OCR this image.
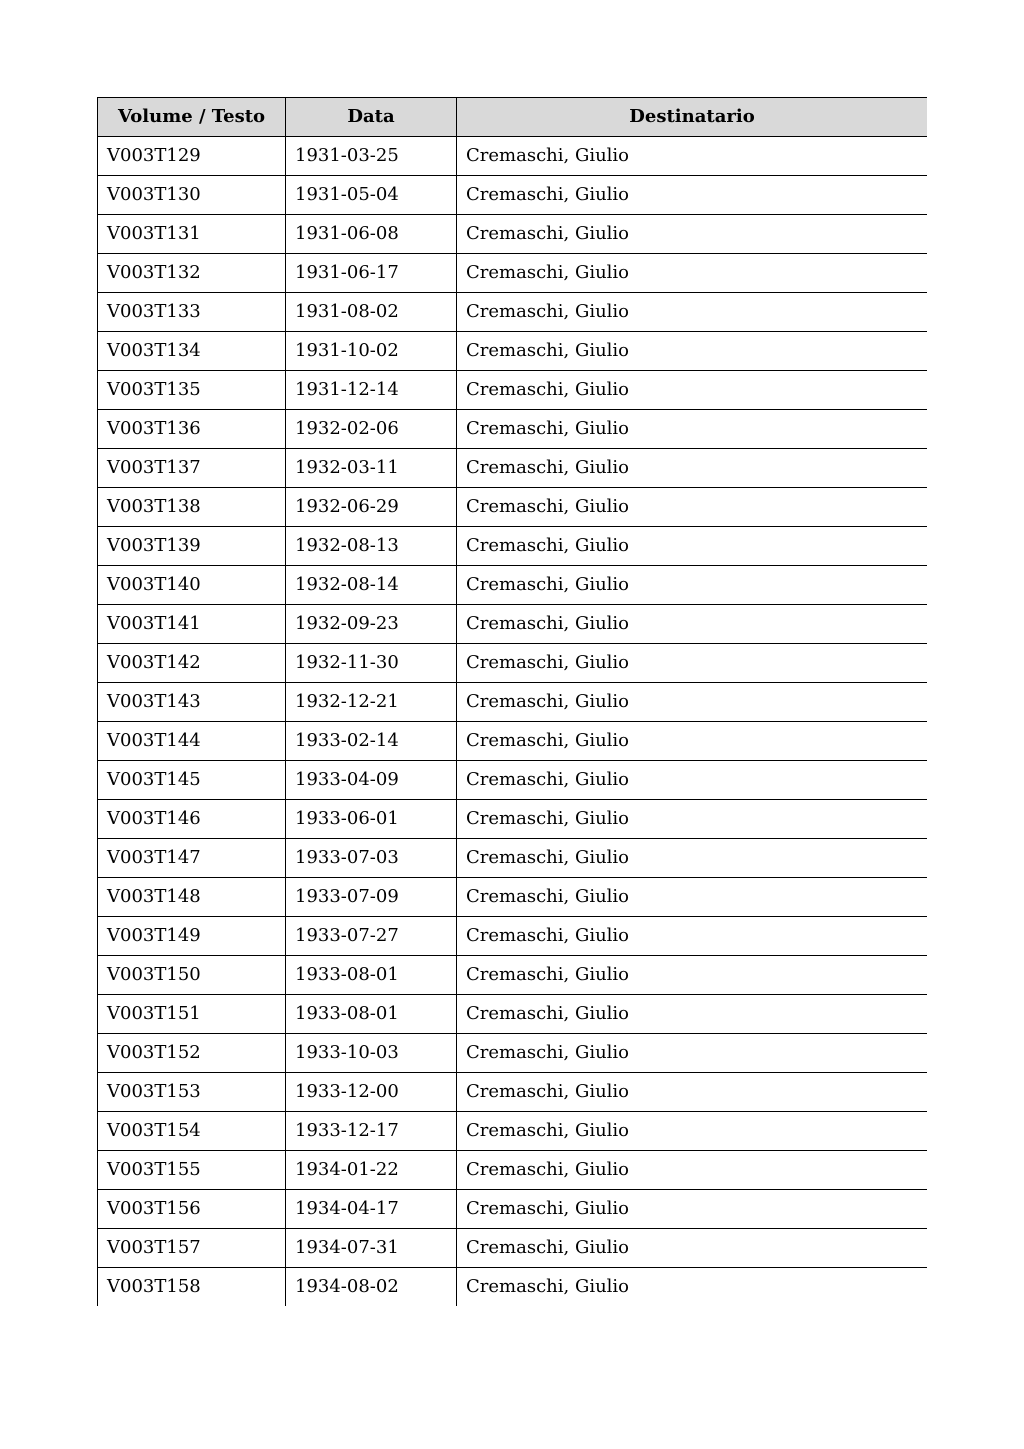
Volume / Testo	Data	Destinatario
V003T129	1931-03-25	Cremaschi, Giulio
V003T130	1931-05-04	Cremaschi, Giulio
V003T131	1931-06-08	Cremaschi, Giulio
V003T132	1931-06-17	Cremaschi, Giulio
V003T133	1931-08-02	Cremaschi, Giulio
V003T134	1931-10-02	Cremaschi, Giulio
V003T135	1931-12-14	Cremaschi, Giulio
V003T136	1932-02-06	Cremaschi, Giulio
V003T137	1932-03-11	Cremaschi, Giulio
V003T138	1932-06-29	Cremaschi, Giulio
V003T139	1932-08-13	Cremaschi, Giulio
V003T140	1932-08-14	Cremaschi, Giulio
V003T141	1932-09-23	Cremaschi, Giulio
V003T142	1932-11-30	Cremaschi, Giulio
V003T143	1932-12-21	Cremaschi, Giulio
V003T144	1933-02-14	Cremaschi, Giulio
V003T145	1933-04-09	Cremaschi, Giulio
V003T146	1933-06-01	Cremaschi, Giulio
V003T147	1933-07-03	Cremaschi, Giulio
V003T148	1933-07-09	Cremaschi, Giulio
V003T149	1933-07-27	Cremaschi, Giulio
V003T150	1933-08-01	Cremaschi, Giulio
V003T151	1933-08-01	Cremaschi, Giulio
V003T152	1933-10-03	Cremaschi, Giulio
V003T153	1933-12-00	Cremaschi, Giulio
V003T154	1933-12-17	Cremaschi, Giulio
V003T155	1934-01-22	Cremaschi, Giulio
V003T156	1934-04-17	Cremaschi, Giulio
V003T157	1934-07-31	Cremaschi, Giulio
V003T158	1934-08-02	Cremaschi, Giulio
